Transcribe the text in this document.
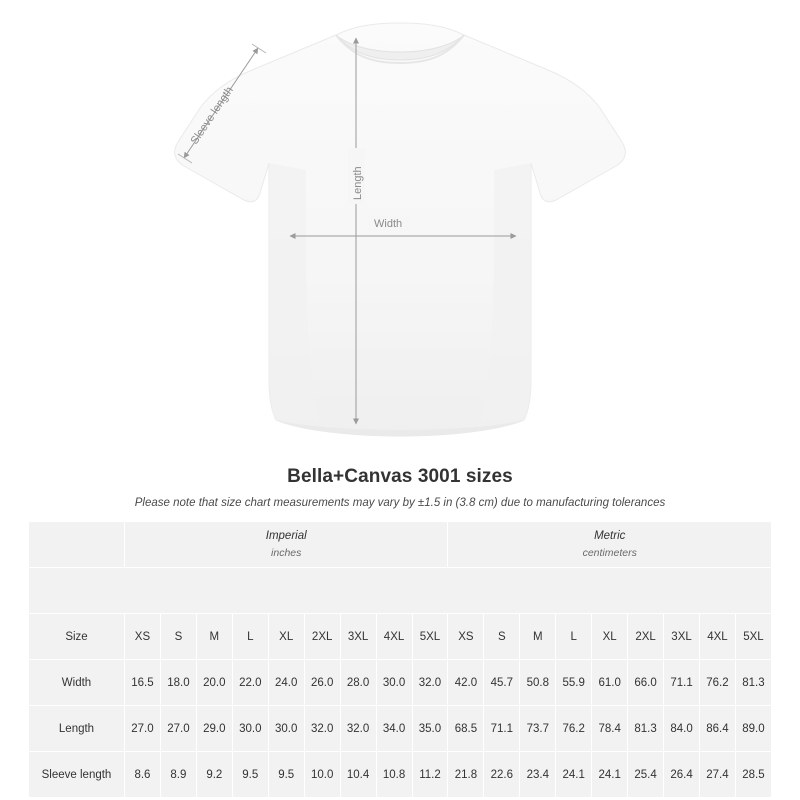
Sleeve length
Length
Width
Bella+Canvas 3001 sizes
Please note that size chart measurements may vary by ±1.5 in (3.8 cm) due to manufacturing tolerances
	Imperial
inches									Metric
centimeters								

Size	XS	S	M	L	XL	2XL	3XL	4XL	5XL	XS	S	M	L	XL	2XL	3XL	4XL	5XL
Width	16.5	18.0	20.0	22.0	24.0	26.0	28.0	30.0	32.0	42.0	45.7	50.8	55.9	61.0	66.0	71.1	76.2	81.3
Length	27.0	27.0	29.0	30.0	30.0	32.0	32.0	34.0	35.0	68.5	71.1	73.7	76.2	78.4	81.3	84.0	86.4	89.0
Sleeve length	8.6	8.9	9.2	9.5	9.5	10.0	10.4	10.8	11.2	21.8	22.6	23.4	24.1	24.1	25.4	26.4	27.4	28.5
